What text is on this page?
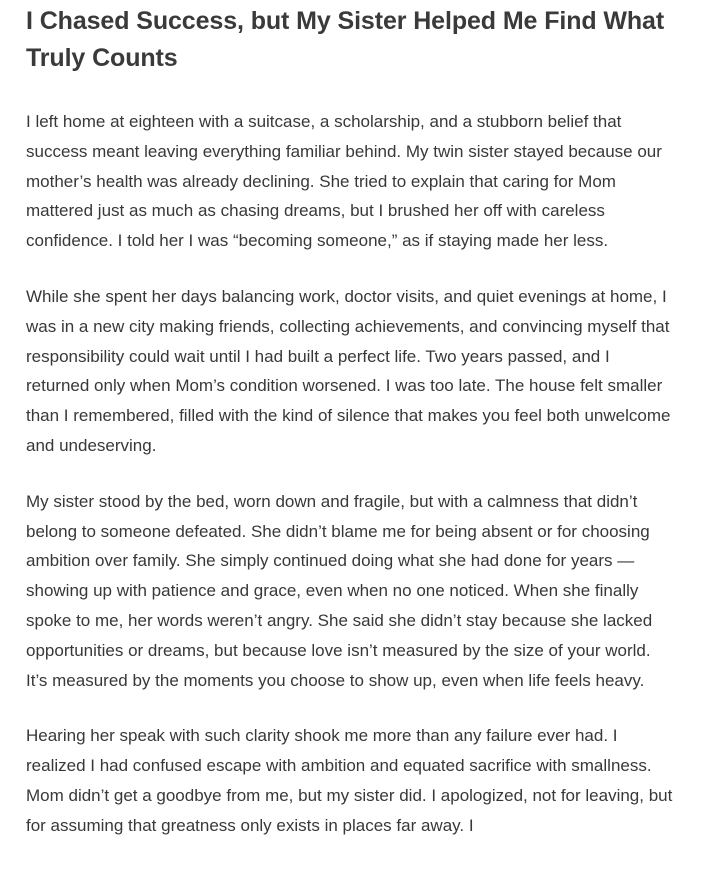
I Chased Success, but My Sister Helped Me Find What Truly Counts

I left home at eighteen with a suitcase, a scholarship, and a stubborn belief that success meant leaving everything familiar behind. My twin sister stayed because our mother’s health was already declining. She tried to explain that caring for Mom mattered just as much as chasing dreams, but I brushed her off with careless confidence. I told her I was “becoming someone,” as if staying made her less.

While she spent her days balancing work, doctor visits, and quiet evenings at home, I was in a new city making friends, collecting achievements, and convincing myself that responsibility could wait until I had built a perfect life. Two years passed, and I returned only when Mom’s condition worsened. I was too late. The house felt smaller than I remembered, filled with the kind of silence that makes you feel both unwelcome and undeserving.

My sister stood by the bed, worn down and fragile, but with a calmness that didn’t belong to someone defeated. She didn’t blame me for being absent or for choosing ambition over family. She simply continued doing what she had done for years — showing up with patience and grace, even when no one noticed. When she finally spoke to me, her words weren’t angry. She said she didn’t stay because she lacked opportunities or dreams, but because love isn’t measured by the size of your world. It’s measured by the moments you choose to show up, even when life feels heavy.

Hearing her speak with such clarity shook me more than any failure ever had. I realized I had confused escape with ambition and equated sacrifice with smallness. Mom didn’t get a goodbye from me, but my sister did. I apologized, not for leaving, but for assuming that greatness only exists in places far away. I
